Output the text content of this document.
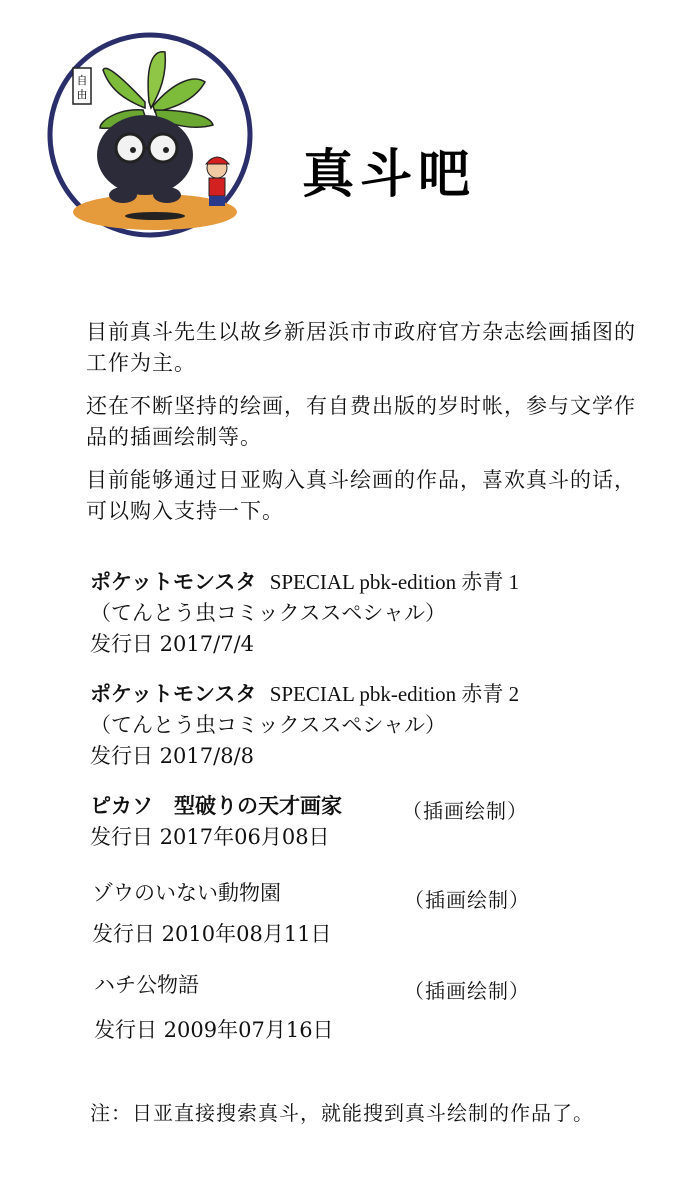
自
由
真斗吧

目前真斗先生以故乡新居浜市市政府官方杂志绘画插图的工作为主。

还在不断坚持的绘画，有自费出版的岁时帐，参与文学作品的插画绘制等。

目前能够通过日亚购入真斗绘画的作品，喜欢真斗的话，可以购入支持一下。

ポケットモンスタ SPECIAL pbk-edition 赤青 1
（てんとう虫コミックススペシャル）
发行日 2017/7/4
ポケットモンスタ SPECIAL pbk-edition 赤青 2
（てんとう虫コミックススペシャル）
发行日 2017/8/8
ピカソ　型破りの天才画家
发行日 2017年06月08日
（插画绘制）
ゾウのいない動物園
发行日 2010年08月11日
（插画绘制）
ハチ公物語
发行日 2009年07月16日
（插画绘制）
注：日亚直接搜索真斗，就能搜到真斗绘制的作品了。
